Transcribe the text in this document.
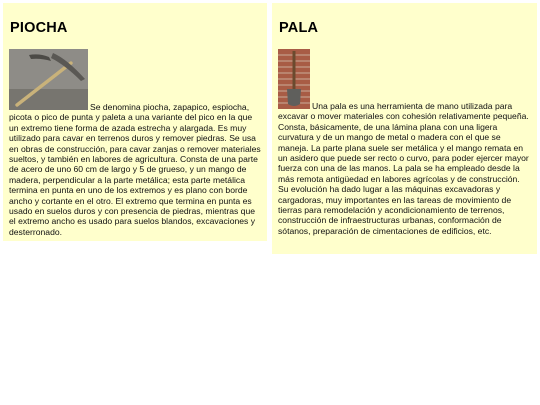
PIOCHA

Se denomina piocha, zapapico, espiocha, picota o pico de punta y paleta a una variante del pico en la que un extremo tiene forma de azada estrecha y alargada. Es muy utilizado para cavar en terrenos duros y remover piedras. Se usa en obras de construcción, para cavar zanjas o remover materiales sueltos, y también en labores de agricultura. Consta de una parte de acero de uno 60 cm de largo y 5 de grueso, y un mango de madera, perpendicular a la parte metálica; esta parte metálica termina en punta en uno de los extremos y es plano con borde ancho y cortante en el otro. El extremo que termina en punta es usado en suelos duros y con presencia de piedras, mientras que el extremo ancho es usado para suelos blandos, excavaciones y desterronado.

PALA

Una pala es una herramienta de mano utilizada para excavar o mover materiales con cohesión relativamente pequeña. Consta, básicamente, de una lámina plana con una ligera curvatura y de un mango de metal o madera con el que se maneja. La parte plana suele ser metálica y el mango remata en un asidero que puede ser recto o curvo, para poder ejercer mayor fuerza con una de las manos. La pala se ha empleado desde la más remota antigüedad en labores agrícolas y de construcción. Su evolución ha dado lugar a las máquinas excavadoras y cargadoras, muy importantes en las tareas de movimiento de tierras para remodelación y acondicionamiento de terrenos, construcción de infraestructuras urbanas, conformación de sótanos, preparación de cimentaciones de edificios, etc.
